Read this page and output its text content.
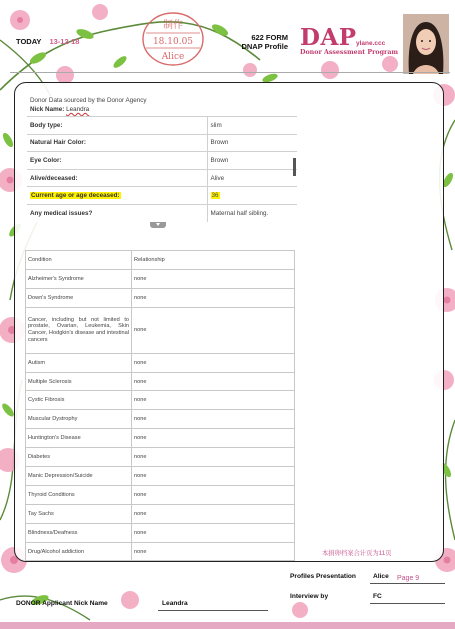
TODAY 13-12-18
制作
18.10.05
Alice
622 FORM
DNAP Profile DAP ylane.ccc
Donor Assessment Program
Donor Data sourced by the Donor Agency
Nick Name: Leandra
Body type:	slim
Natural Hair Color:	Brown
Eye Color:	Brown
Alive/deceased:	Alive
Current age or age deceased:	36
Any medical issues?	Maternal half sibling.
Condition	Relationship
Alzheimer's Syndrome	none
Down's Syndrome	none
Cancer, including but not limited to prostate, Ovarian, Leukemia, Skin Cancer, Hodgkin's disease and intestinal cancers	none
Autism	none
Multiple Sclerosis	none
Cystic Fibrosis	none
Muscular Dystrophy	none
Huntington's Disease	none
Diabetes	none
Manic Depression/Suicide	none
Thyroid Conditions	none
Tay Sachs	none
Blindness/Deafness	none
Drug/Alcohol addiction	none	本捐卵档案合计页为11页
Profiles Presentation	Alice Page 9
Interview by	FC
DONOR Applicant Nick Name	Leandra
